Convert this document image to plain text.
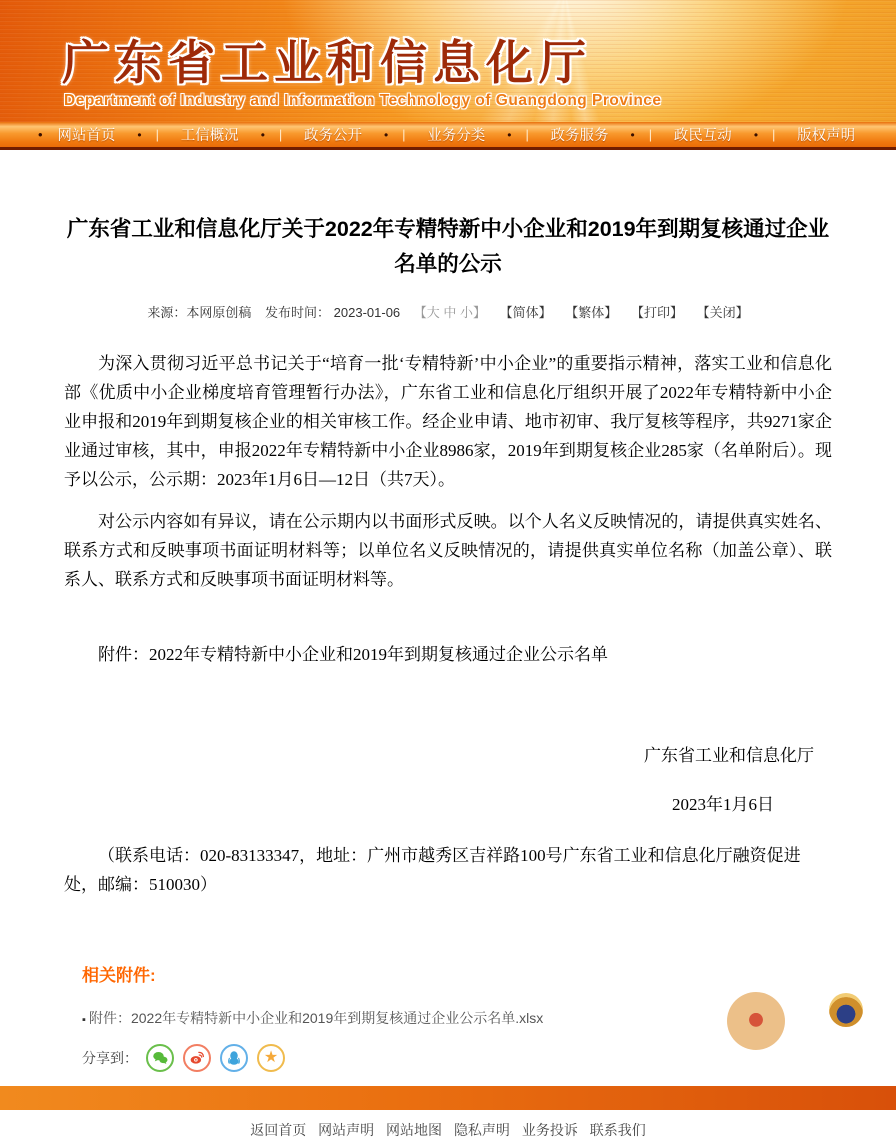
广东省工业和信息化厅
Department of Industry and Information Technology of Guangdong Province
• 网站首页 • | 工信概况 • | 政务公开 • | 业务分类 • | 政务服务 • | 政民互动 • | 版权声明
广东省工业和信息化厅关于2022年专精特新中小企业和2019年到期复核通过企业名单的公示
来源：本网原创稿 发布时间： 2023-01-06 【大 中 小】 【简体】 【繁体】 【打印】 【关闭】

为深入贯彻习近平总书记关于“培育一批‘专精特新’中小企业”的重要指示精神，落实工业和信息化部《优质中小企业梯度培育管理暂行办法》，广东省工业和信息化厅组织开展了2022年专精特新中小企业申报和2019年到期复核企业的相关审核工作。经企业申请、地市初审、我厅复核等程序，共9271家企业通过审核，其中，申报2022年专精特新中小企业8986家，2019年到期复核企业285家（名单附后）。现予以公示，公示期：2023年1月6日—12日（共7天）。

对公示内容如有异议，请在公示期内以书面形式反映。以个人名义反映情况的，请提供真实姓名、联系方式和反映事项书面证明材料等；以单位名义反映情况的，请提供真实单位名称（加盖公章）、联系人、联系方式和反映事项书面证明材料等。

附件：2022年专精特新中小企业和2019年到期复核通过企业公示名单

广东省工业和信息化厅

2023年1月6日

（联系电话：020-83133347，地址：广州市越秀区吉祥路100号广东省工业和信息化厅融资促进处，邮编：510030）

相关附件:
▪ 附件：2022年专精特新中小企业和2019年到期复核通过企业公示名单.xlsx
分享到：	★
返回首页 网站声明 网站地图 隐私声明 业务投诉 联系我们
